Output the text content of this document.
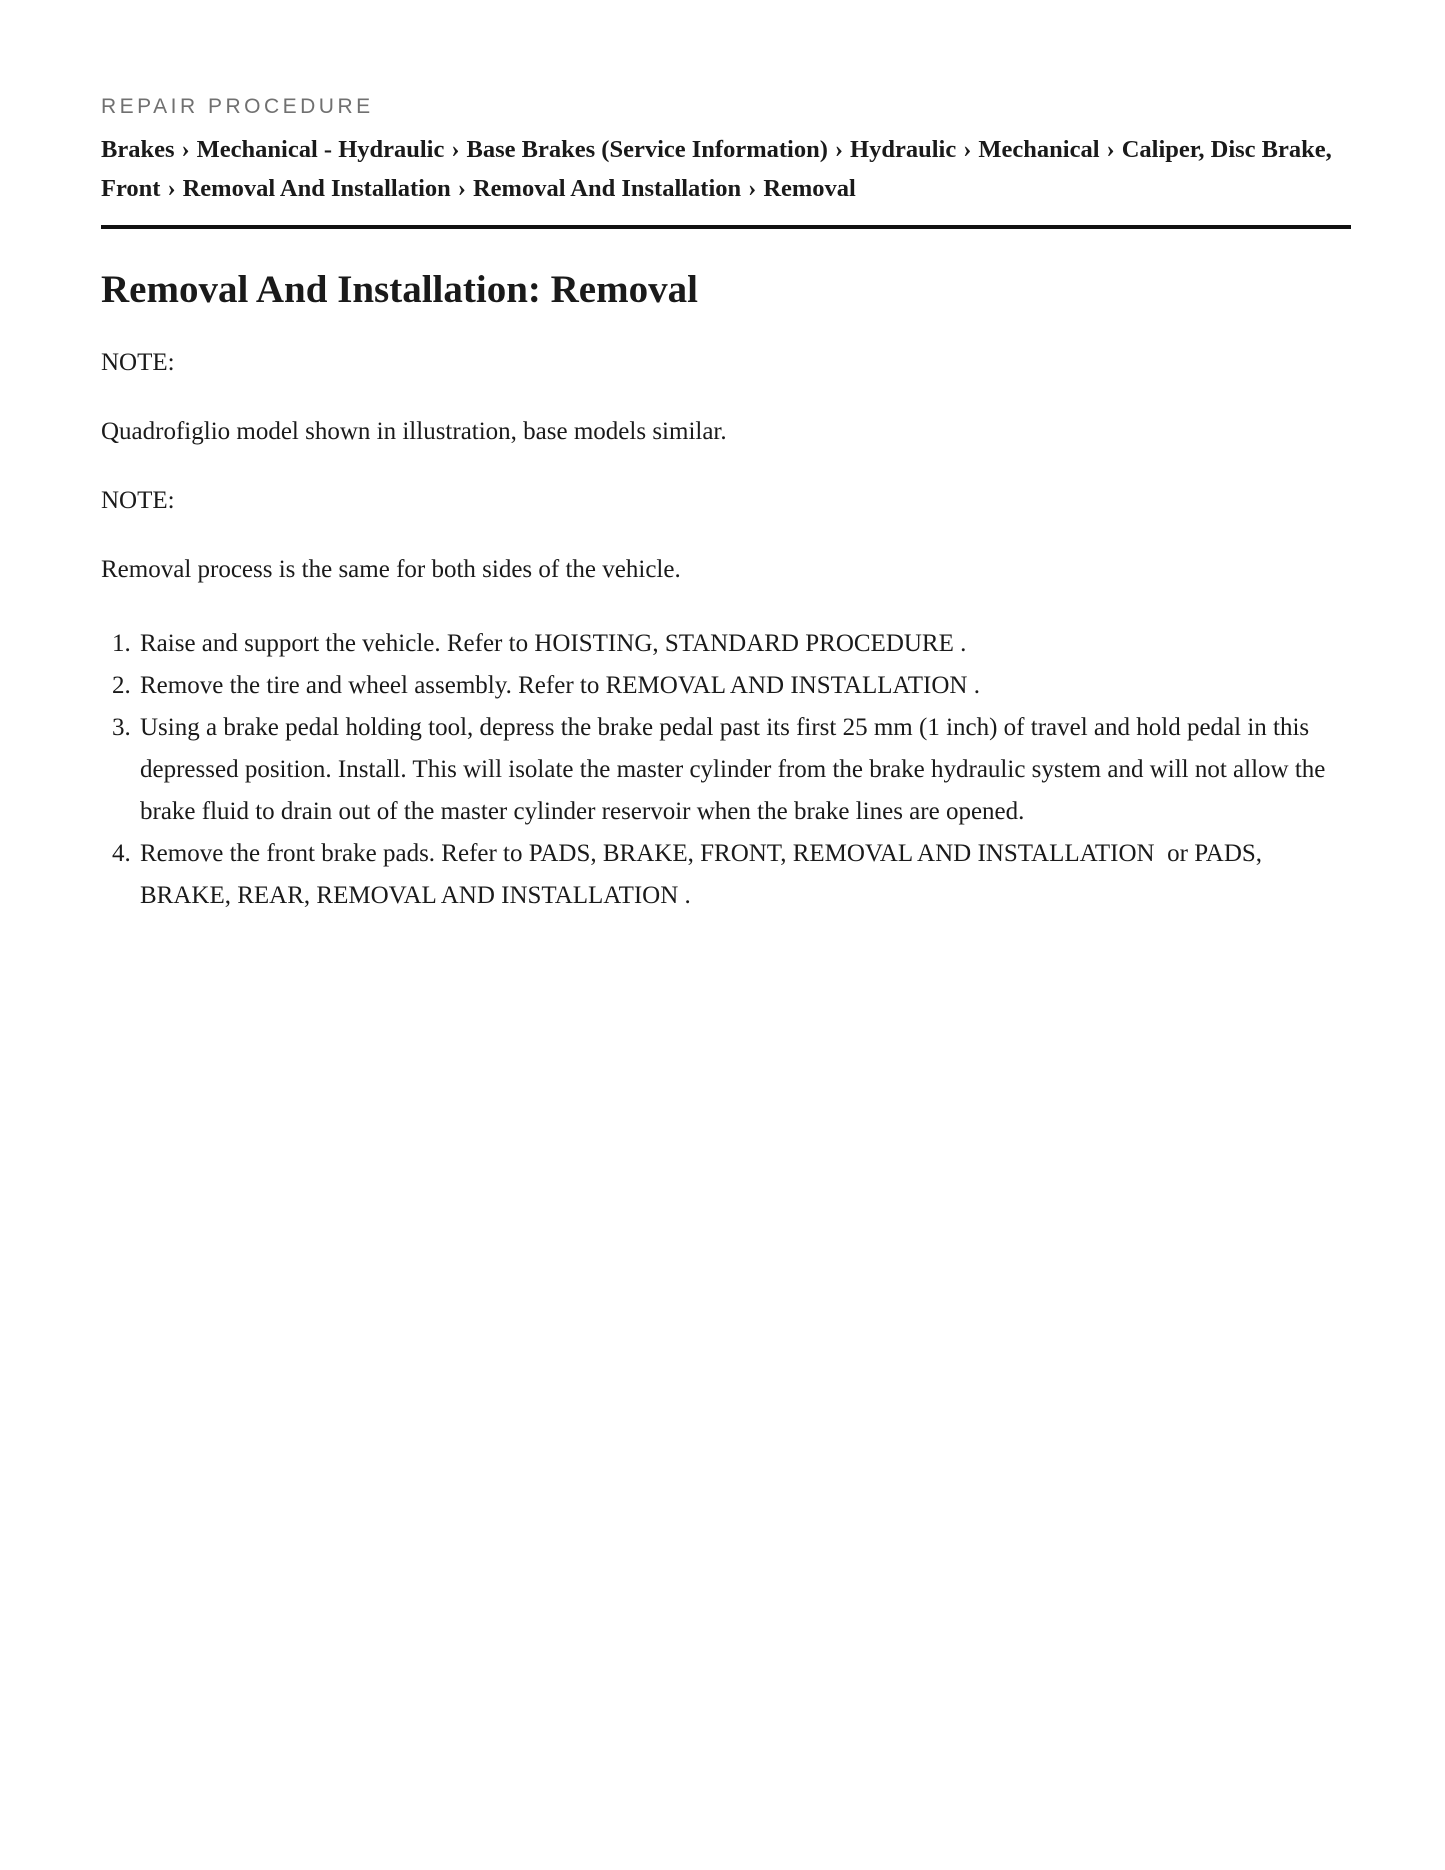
REPAIR PROCEDURE
Brakes › Mechanical - Hydraulic › Base Brakes (Service Information) › Hydraulic › Mechanical › Caliper, Disc Brake, Front › Removal And Installation › Removal And Installation › Removal
Removal And Installation: Removal

NOTE:

Quadrofiglio model shown in illustration, base models similar.

NOTE:

Removal process is the same for both sides of the vehicle.

1. Raise and support the vehicle. Refer to HOISTING, STANDARD PROCEDURE .
2. Remove the tire and wheel assembly. Refer to REMOVAL AND INSTALLATION .
3. Using a brake pedal holding tool, depress the brake pedal past its first 25 mm (1 inch) of travel and hold pedal in this depressed position. Install. This will isolate the master cylinder from the brake hydraulic system and will not allow the brake fluid to drain out of the master cylinder reservoir when the brake lines are opened.
4. Remove the front brake pads. Refer to PADS, BRAKE, FRONT, REMOVAL AND INSTALLATION  or PADS, BRAKE, REAR, REMOVAL AND INSTALLATION .
